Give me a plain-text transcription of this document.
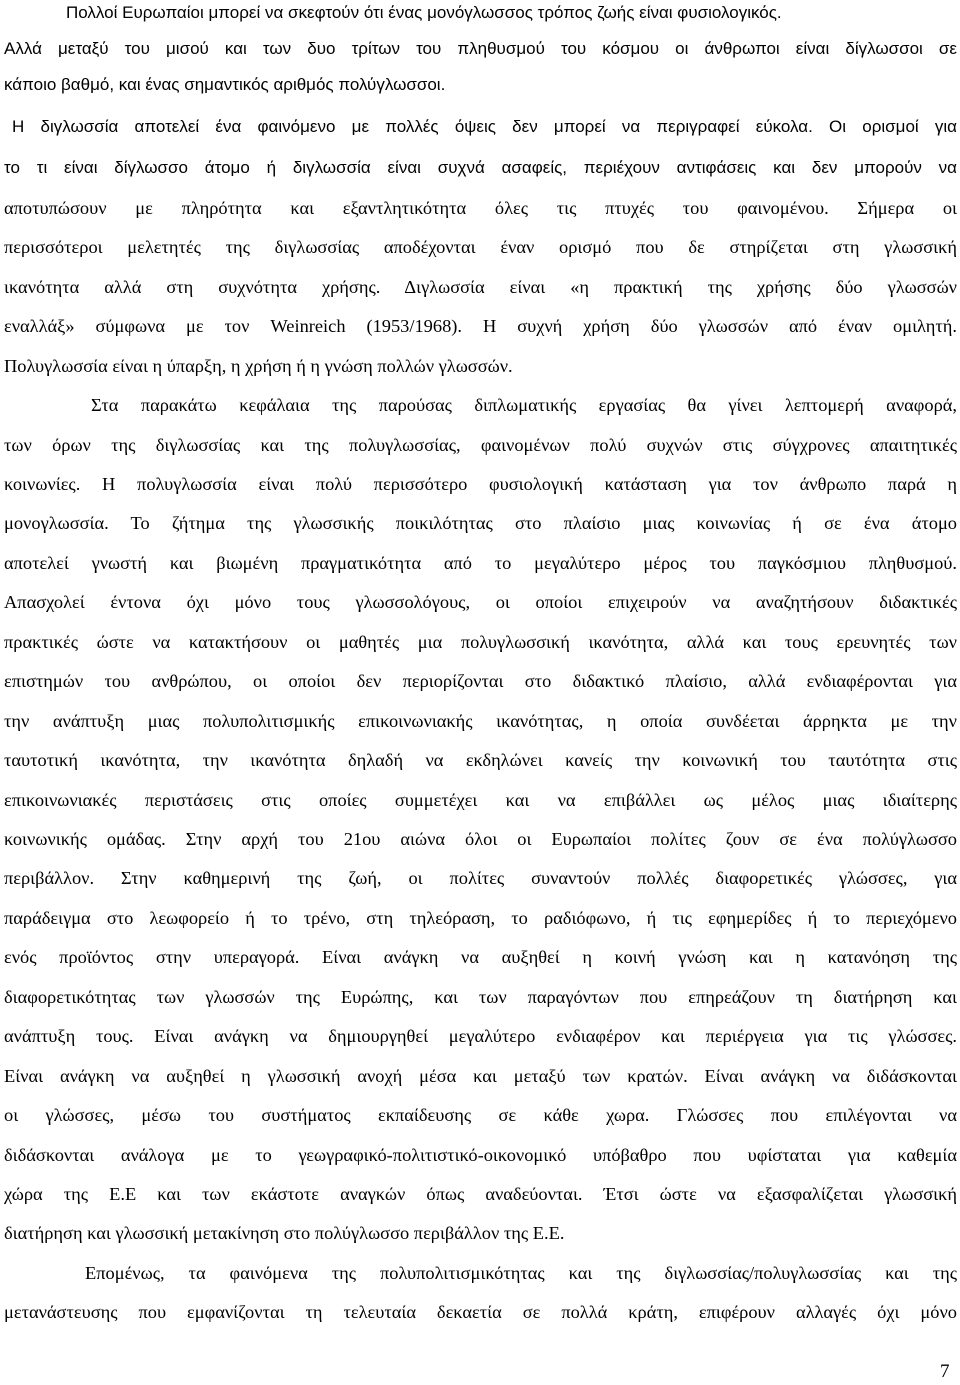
Πολλοί Ευρωπαίοι μπορεί να σκεφτούν ότι ένας μονόγλωσσος τρόπος ζωής είναι φυσιολογικός.

Αλλά μεταξύ του μισού και των δυο τρίτων του πληθυσμού του κόσμου οι άνθρωποι είναι δίγλωσσοι σε

κάποιο βαθμό, και ένας σημαντικός αριθμός πολύγλωσσοι.

Η διγλωσσία αποτελεί ένα φαινόμενο με πολλές όψεις δεν μπορεί να περιγραφεί εύκολα. Οι ορισμοί για

το τι είναι δίγλωσσο άτομο ή διγλωσσία είναι συχνά ασαφείς, περιέχουν αντιφάσεις και δεν μπορούν να

αποτυπώσουν με πληρότητα και εξαντλητικότητα όλες τις πτυχές του φαινομένου. Σήμερα οι

περισσότεροι μελετητές της διγλωσσίας αποδέχονται έναν ορισμό που δε στηρίζεται στη γλωσσική

ικανότητα αλλά στη συχνότητα χρήσης. Διγλωσσία είναι «η πρακτική της χρήσης δύο γλωσσών

εναλλάξ» σύμφωνα με τον Weinreich (1953/1968). Η συχνή χρήση δύο γλωσσών από έναν ομιλητή.

Πολυγλωσσία είναι η ύπαρξη, η χρήση ή η γνώση πολλών γλωσσών.

Στα παρακάτω κεφάλαια της παρούσας διπλωματικής εργασίας θα γίνει λεπτομερή αναφορά,

των όρων της διγλωσσίας και της πολυγλωσσίας, φαινομένων πολύ συχνών στις σύγχρονες απαιτητικές

κοινωνίες. Η πολυγλωσσία είναι πολύ περισσότερο φυσιολογική κατάσταση για τον άνθρωπο παρά η

μονογλωσσία. Το ζήτημα της γλωσσικής ποικιλότητας στο πλαίσιο μιας κοινωνίας ή σε ένα άτομο

αποτελεί γνωστή και βιωμένη πραγματικότητα από το μεγαλύτερο μέρος του παγκόσμιου πληθυσμού.

Απασχολεί έντονα όχι μόνο τους γλωσσολόγους, οι οποίοι επιχειρούν να αναζητήσουν διδακτικές

πρακτικές ώστε να κατακτήσουν οι μαθητές μια πολυγλωσσική ικανότητα, αλλά και τους ερευνητές των

επιστημών του ανθρώπου, οι οποίοι δεν περιορίζονται στο διδακτικό πλαίσιο, αλλά ενδιαφέρονται για

την ανάπτυξη μιας πολυπολιτισμικής επικοινωνιακής ικανότητας, η οποία συνδέεται άρρηκτα με την

ταυτοτική ικανότητα, την ικανότητα δηλαδή να εκδηλώνει κανείς την κοινωνική του ταυτότητα στις

επικοινωνιακές περιστάσεις στις οποίες συμμετέχει και να επιβάλλει ως μέλος μιας ιδιαίτερης

κοινωνικής ομάδας. Στην αρχή του 21ου αιώνα όλοι οι Ευρωπαίοι πολίτες ζουν σε ένα πολύγλωσσο

περιβάλλον. Στην καθημερινή της ζωή, οι πολίτες συναντούν πολλές διαφορετικές γλώσσες, για

παράδειγμα στο λεωφορείο ή το τρένο, στη τηλεόραση, το ραδιόφωνο, ή τις εφημερίδες ή το περιεχόμενο

ενός προϊόντος στην υπεραγορά. Είναι ανάγκη να αυξηθεί η κοινή γνώση και η κατανόηση της

διαφορετικότητας των γλωσσών της Ευρώπης, και των παραγόντων που επηρεάζουν τη διατήρηση και

ανάπτυξη τους. Είναι ανάγκη να δημιουργηθεί μεγαλύτερο ενδιαφέρον και περιέργεια για τις γλώσσες.

Είναι ανάγκη να αυξηθεί η γλωσσική ανοχή μέσα και μεταξύ των κρατών. Είναι ανάγκη να διδάσκονται

οι γλώσσες, μέσω του συστήματος εκπαίδευσης σε κάθε χωρα. Γλώσσες που επιλέγονται να

διδάσκονται ανάλογα με το γεωγραφικό-πολιτιστικό-οικονομικό υπόβαθρο που υφίσταται για καθεμία

χώρα της Ε.Ε και των εκάστοτε αναγκών όπως αναδεύονται. Έτσι ώστε να εξασφαλίζεται γλωσσική

διατήρηση και γλωσσική μετακίνηση στο πολύγλωσσο περιβάλλον της Ε.Ε.

Επομένως, τα φαινόμενα της πολυπολιτισμικότητας και της διγλωσσίας/πολυγλωσσίας και της

μετανάστευσης που εμφανίζονται τη τελευταία δεκαετία σε πολλά κράτη, επιφέρουν αλλαγές όχι μόνο

7
